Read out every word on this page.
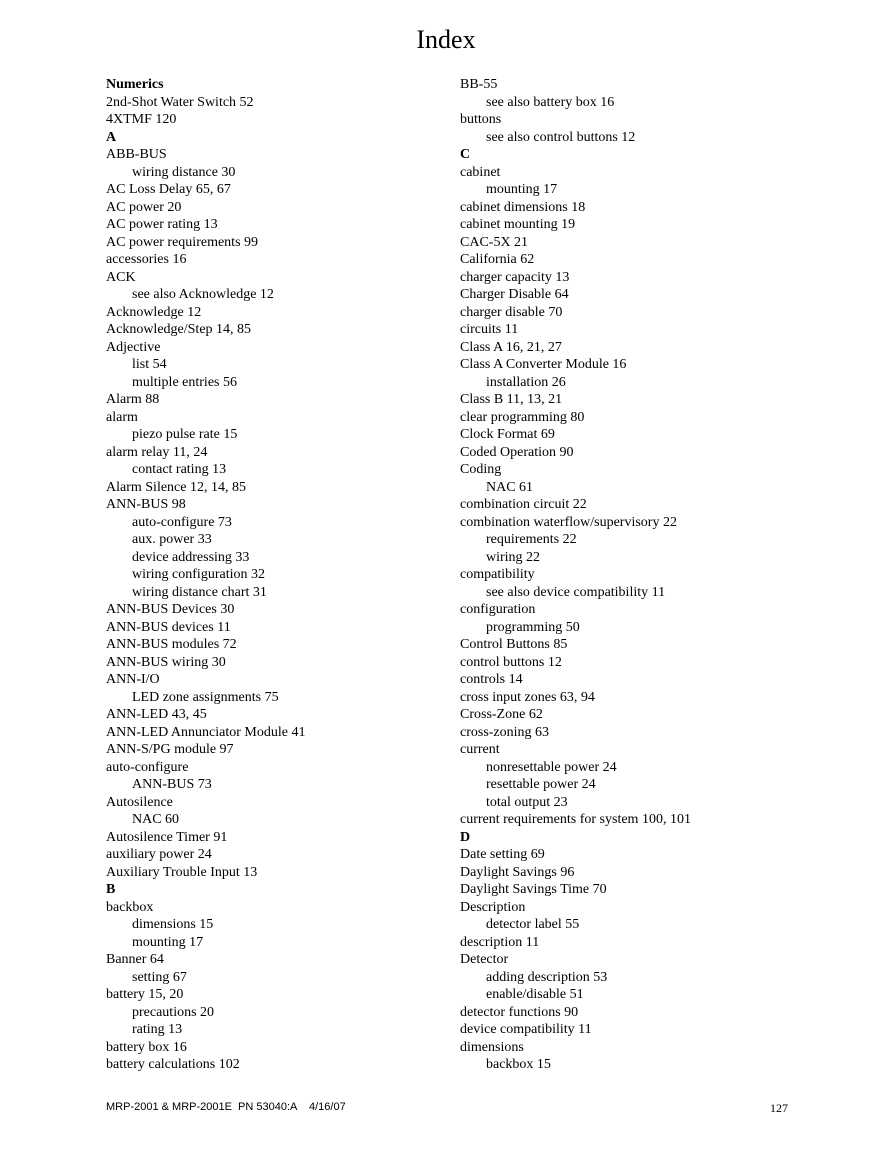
Index
Numerics
2nd-Shot Water Switch 52
4XTMF 120
A
ABB-BUS
wiring distance 30
AC Loss Delay 65, 67
AC power 20
AC power rating 13
AC power requirements 99
accessories 16
ACK
see also Acknowledge 12
Acknowledge 12
Acknowledge/Step 14, 85
Adjective
list 54
multiple entries 56
Alarm 88
alarm
piezo pulse rate 15
alarm relay 11, 24
contact rating 13
Alarm Silence 12, 14, 85
ANN-BUS 98
auto-configure 73
aux. power 33
device addressing 33
wiring configuration 32
wiring distance chart 31
ANN-BUS Devices 30
ANN-BUS devices 11
ANN-BUS modules 72
ANN-BUS wiring 30
ANN-I/O
LED zone assignments 75
ANN-LED 43, 45
ANN-LED Annunciator Module 41
ANN-S/PG module 97
auto-configure
ANN-BUS 73
Autosilence
NAC 60
Autosilence Timer 91
auxiliary power 24
Auxiliary Trouble Input 13
B
backbox
dimensions 15
mounting 17
Banner 64
setting 67
battery 15, 20
precautions 20
rating 13
battery box 16
battery calculations 102
BB-55
see also battery box 16
buttons
see also control buttons 12
C
cabinet
mounting 17
cabinet dimensions 18
cabinet mounting 19
CAC-5X 21
California 62
charger capacity 13
Charger Disable 64
charger disable 70
circuits 11
Class A 16, 21, 27
Class A Converter Module 16
installation 26
Class B 11, 13, 21
clear programming 80
Clock Format 69
Coded Operation 90
Coding
NAC 61
combination circuit 22
combination waterflow/supervisory 22
requirements 22
wiring 22
compatibility
see also device compatibility 11
configuration
programming 50
Control Buttons 85
control buttons 12
controls 14
cross input zones 63, 94
Cross-Zone 62
cross-zoning 63
current
nonresettable power 24
resettable power 24
total output 23
current requirements for system 100, 101
D
Date setting 69
Daylight Savings 96
Daylight Savings Time 70
Description
detector label 55
description 11
Detector
adding description 53
enable/disable 51
detector functions 90
device compatibility 11
dimensions
backbox 15
MRP-2001 & MRP-2001E  PN 53040:A    4/16/07	127
